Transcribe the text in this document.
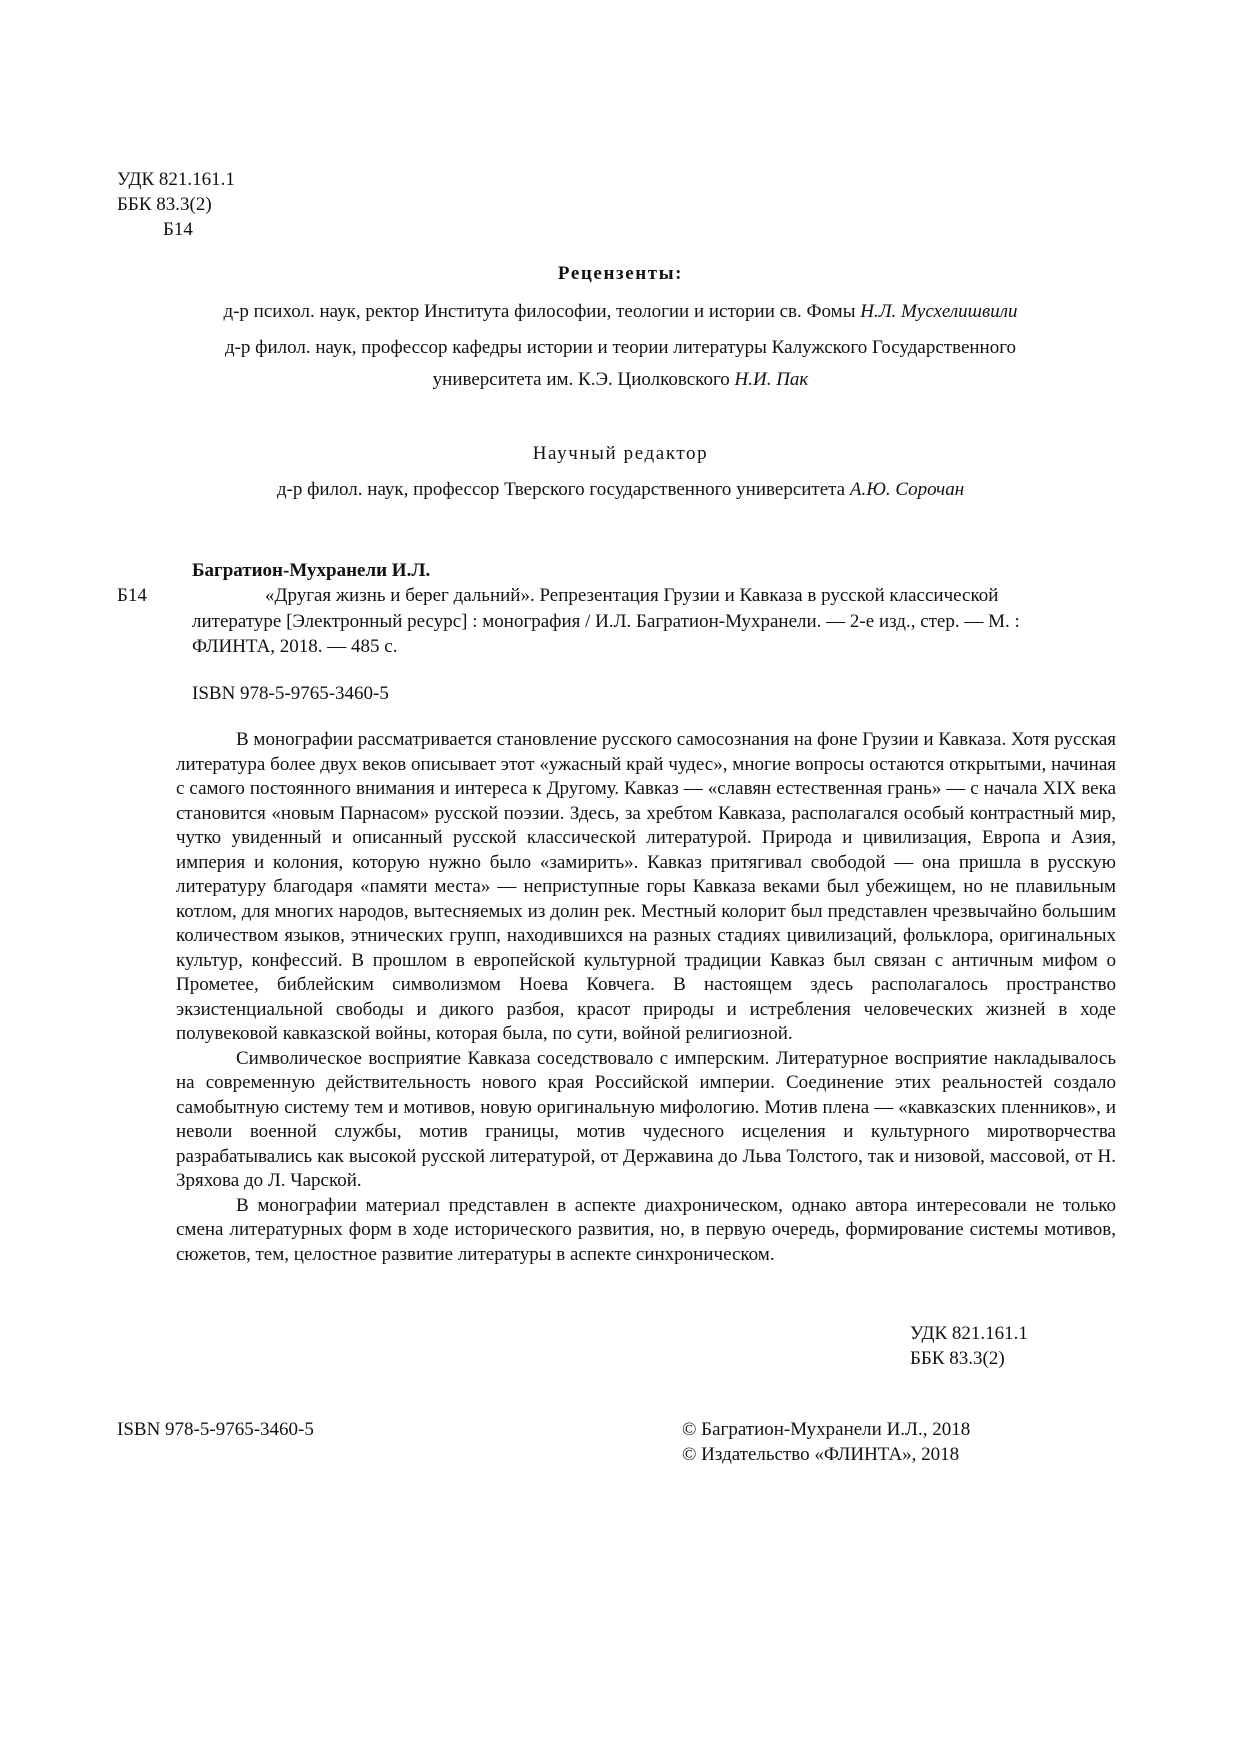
УДК 821.161.1
ББК 83.3(2)
Б14
Рецензенты:
д-р психол. наук, ректор Института философии, теологии и истории св. Фомы Н.Л. Мусхелишвили
д-р филол. наук, профессор кафедры истории и теории литературы Калужского Государственного
университета им. К.Э. Циолковского Н.И. Пак
Научный редактор
д-р филол. наук, профессор Тверского государственного университета А.Ю. Сорочан
Багратион-Мухранели И.Л.
Б14	«Другая жизнь и берег дальний». Репрезентация Грузии и Кавказа в русской классической
литературе [Электронный ресурс] : монография / И.Л. Багратион-Мухранели. — 2-е изд., стер. — М. :
ФЛИНТА, 2018. — 485 с.
ISBN 978-5-9765-3460-5

В монографии рассматривается становление русского самосознания на фоне Грузии и Кавказа. Хотя русская литература более двух веков описывает этот «ужасный край чудес», многие вопросы остаются открытыми, начиная с самого постоянного внимания и интереса к Другому. Кавказ — «славян естественная грань» — с начала XIX века становится «новым Парнасом» русской поэзии. Здесь, за хребтом Кавказа, располагался особый контрастный мир, чутко увиденный и описанный русской классической литературой. Природа и цивилизация, Европа и Азия, империя и колония, которую нужно было «замирить». Кавказ притягивал свободой — она пришла в русскую литературу благодаря «памяти места» — неприступные горы Кавказа веками был убежищем, но не плавильным котлом, для многих народов, вытесняемых из долин рек. Местный колорит был представлен чрезвычайно большим количеством языков, этнических групп, находившихся на разных стадиях цивилизаций, фольклора, оригинальных культур, конфессий. В прошлом в европейской культурной традиции Кавказ был связан с античным мифом о Прометее, библейским символизмом Ноева Ковчега. В настоящем здесь располагалось пространство экзистенциальной свободы и дикого разбоя, красот природы и истребления человеческих жизней в ходе полувековой кавказской войны, которая была, по сути, войной религиозной.

Символическое восприятие Кавказа соседствовало с имперским. Литературное восприятие накладывалось на современную действительность нового края Российской империи. Соединение этих реальностей создало самобытную систему тем и мотивов, новую оригинальную мифологию. Мотив плена — «кавказских пленников», и неволи военной службы, мотив границы, мотив чудесного исцеления и культурного миротворчества разрабатывались как высокой русской литературой, от Державина до Льва Толстого, так и низовой, массовой, от Н. Зряхова до Л. Чарской.

В монографии материал представлен в аспекте диахроническом, однако автора интересовали не только смена литературных форм в ходе исторического развития, но, в первую очередь, формирование системы мотивов, сюжетов, тем, целостное развитие литературы в аспекте синхроническом.

УДК 821.161.1
ББК 83.3(2)
ISBN 978-5-9765-3460-5	© Багратион-Мухранели И.Л., 2018
© Издательство «ФЛИНТА», 2018
